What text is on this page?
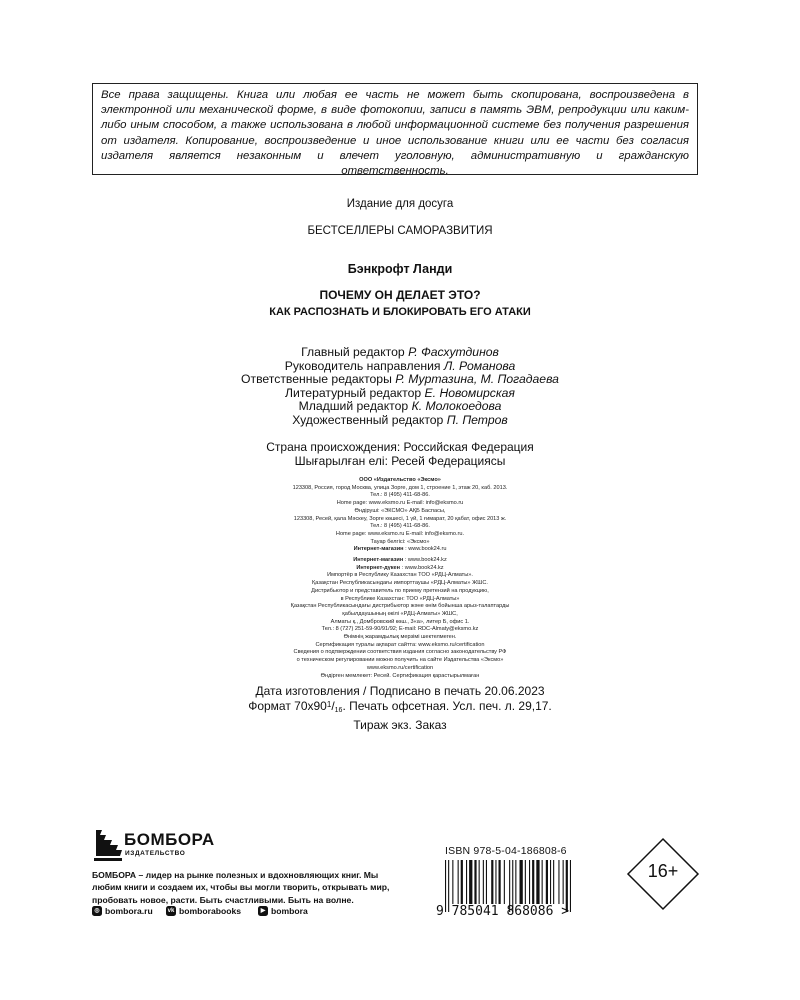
Все права защищены. Книга или любая ее часть не может быть скопирована, воспроизведена в электронной или механической форме, в виде фотокопии, записи в память ЭВМ, репродукции или каким-либо иным способом, а также использована в любой информационной системе без получения разрешения от издателя. Копирование, воспроизведение и иное использование книги или ее части без согласия издателя является незаконным и влечет уголовную, административную и гражданскую ответственность.
Издание для досуга
БЕСТСЕЛЛЕРЫ САМОРАЗВИТИЯ
Бэнкрофт Ланди
ПОЧЕМУ ОН ДЕЛАЕТ ЭТО?
КАК РАСПОЗНАТЬ И БЛОКИРОВАТЬ ЕГО АТАКИ
Главный редактор Р. Фасхутдинов
Руководитель направления Л. Романова
Ответственные редакторы Р. Муртазина, М. Погадаева
Литературный редактор Е. Новомирская
Младший редактор К. Молокоедова
Художественный редактор П. Петров
Страна происхождения: Российская Федерация
Шығарылған елі: Ресей Федерациясы
ООО «Издательство «Эксмо»
123308, Россия, город Москва, улица Зорге, дом 1, строение 1, этаж 20, каб. 2013.
Тел.: 8 (495) 411-68-86.
Home page: www.eksmo.ru E-mail: info@eksmo.ru
Өндіруші: «ЭКСМО» АҚБ Баспасы,
123308, Ресей, қала Мәскеу, Зорге көшесі, 1 үй, 1 ғимарат, 20 қабат, офис 2013 ж.
Тел.: 8 (495) 411-68-86.
Home page: www.eksmo.ru E-mail: info@eksmo.ru.
Тауар белгісі: «Эксмо»
Интернет-магазин : www.book24.ru
Интернет-магазин : www.book24.kz
Интернет-дүкен : www.book24.kz
Импортёр в Республику Казахстан ТОО «РДЦ-Алматы».
Қазақстан Республикасындағы импорттаушы «РДЦ-Алматы» ЖШС.
Дистрибьютор и представитель по приему претензий на продукцию,
в Республике Казахстан: ТОО «РДЦ-Алматы»
Қазақстан Республикасындағы дистрибьютор және өнім бойынша арыз-талаптарды
қабылдаушының өкілі «РДЦ-Алматы» ЖШС,
Алматы қ., Домбровский көш., 3«а», литер Б, офис 1.
Тел.: 8 (727) 251-59-90/91/92; E-mail: RDC-Almaty@eksmo.kz
Өнімнің жарамдылық мерзімі шектелмеген.
Сертификация туралы ақпарат сайтта: www.eksmo.ru/certification
Сведения о подтверждении соответствия издания согласно законодательству РФ
о техническом регулировании можно получить на сайте Издательства «Эксмо»
www.eksmo.ru/certification
Өндірген мемлекет: Ресей. Сертификация қарастырылмаған
Дата изготовления / Подписано в печать 20.06.2023
Формат $70x90^1/_{16}$. Печать офсетная. Усл. печ. л. 29,17.
Тираж экз. Заказ
БОМБОРА
ИЗДАТЕЛЬСТВО
БОМБОРА – лидер на рынке полезных и вдохновляющих книг. Мы любим книги и создаем их, чтобы вы могли творить, открывать мир, пробовать новое, расти. Быть счастливыми. Быть на волне.
◎ bombora.ru vk bomborabooks	▶ bombora
ISBN 978-5-04-186808-6
9 785041 868086 >
16+
